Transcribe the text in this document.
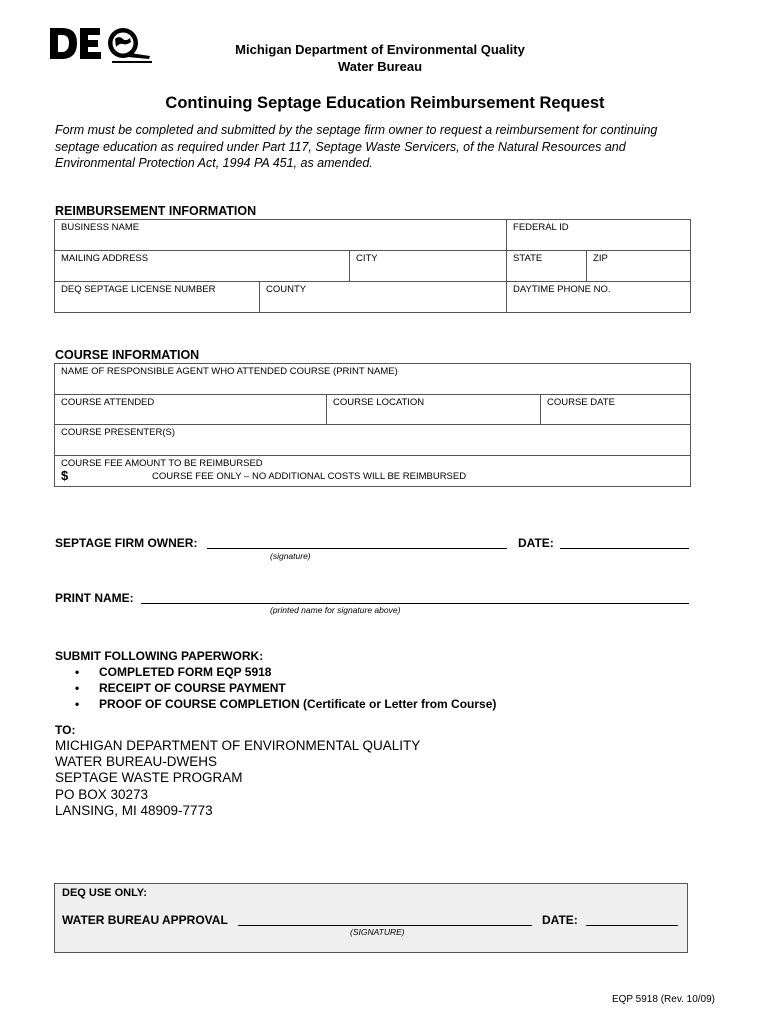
Michigan Department of Environmental Quality
Water Bureau
Continuing Septage Education Reimbursement Request
Form must be completed and submitted by the septage firm owner to request a reimbursement for continuing septage education as required under Part 117, Septage Waste Servicers, of the Natural Resources and Environmental Protection Act, 1994 PA 451, as amended.
REIMBURSEMENT INFORMATION
BUSINESS NAME			FEDERAL ID	
MAILING ADDRESS		CITY	STATE	ZIP
DEQ SEPTAGE LICENSE NUMBER	COUNTY		DAYTIME PHONE NO.	
COURSE INFORMATION
NAME OF RESPONSIBLE AGENT WHO ATTENDED COURSE (PRINT NAME)
COURSE ATTENDED	COURSE LOCATION	COURSE DATE
COURSE PRESENTER(S)

COURSE FEE AMOUNT TO BE REIMBURSED
$	COURSE FEE ONLY – NO ADDITIONAL COSTS WILL BE REIMBURSED
SEPTAGE FIRM OWNER:
(signature)
DATE:
PRINT NAME:
(printed name for signature above)
SUBMIT FOLLOWING PAPERWORK:
• COMPLETED FORM EQP 5918
• RECEIPT OF COURSE PAYMENT
• PROOF OF COURSE COMPLETION (Certificate or Letter from Course)
TO:
MICHIGAN DEPARTMENT OF ENVIRONMENTAL QUALITY
WATER BUREAU-DWEHS
SEPTAGE WASTE PROGRAM
PO BOX 30273
LANSING, MI 48909-7773
DEQ USE ONLY:
WATER BUREAU APPROVAL
(SIGNATURE)
DATE:
EQP 5918 (Rev. 10/09)
